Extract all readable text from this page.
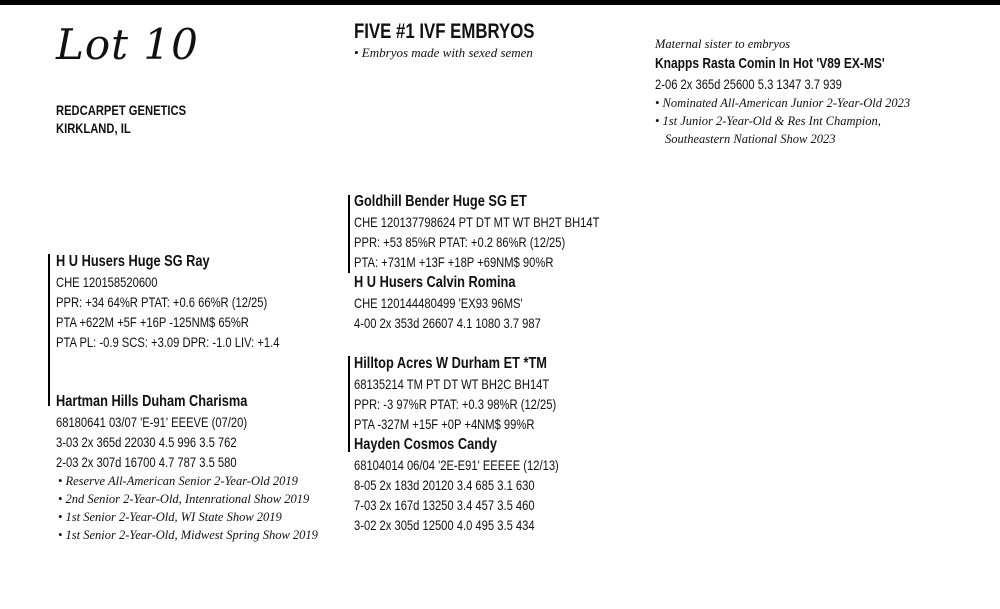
Lot 10
REDCARPET GENETICS
KIRKLAND, IL
FIVE #1 IVF EMBRYOS
• Embryos made with sexed semen
Maternal sister to embryos
Knapps Rasta Comin In Hot 'V89 EX-MS'
2-06 2x 365d 25600 5.3 1347 3.7 939
• Nominated All-American Junior 2-Year-Old 2023
• 1st Junior 2-Year-Old & Res Int Champion,
Southeastern National Show 2023
H U Husers Huge SG Ray
CHE 120158520600
PPR: +34 64%R PTAT: +0.6 66%R (12/25)
PTA +622M +5F +16P -125NM$ 65%R
PTA PL: -0.9 SCS: +3.09 DPR: -1.0 LIV: +1.4
Goldhill Bender Huge SG ET
CHE 120137798624 PT DT MT WT BH2T BH14T
PPR: +53 85%R PTAT: +0.2 86%R (12/25)
PTA: +731M +13F +18P +69NM$ 90%R
H U Husers Calvin Romina
CHE 120144480499 'EX93 96MS'
4-00 2x 353d 26607 4.1 1080 3.7 987
Hartman Hills Duham Charisma
68180641 03/07 'E-91' EEEVE (07/20)
3-03 2x 365d 22030 4.5 996 3.5 762
2-03 2x 307d 16700 4.7 787 3.5 580
• Reserve All-American Senior 2-Year-Old 2019
• 2nd Senior 2-Year-Old, Intenrational Show 2019
• 1st Senior 2-Year-Old, WI State Show 2019
• 1st Senior 2-Year-Old, Midwest Spring Show 2019
Hilltop Acres W Durham ET *TM
68135214 TM PT DT WT BH2C BH14T
PPR: -3 97%R PTAT: +0.3 98%R (12/25)
PTA -327M +15F +0P +4NM$ 99%R
Hayden Cosmos Candy
68104014 06/04 '2E-E91' EEEEE (12/13)
8-05 2x 183d 20120 3.4 685 3.1 630
7-03 2x 167d 13250 3.4 457 3.5 460
3-02 2x 305d 12500 4.0 495 3.5 434
